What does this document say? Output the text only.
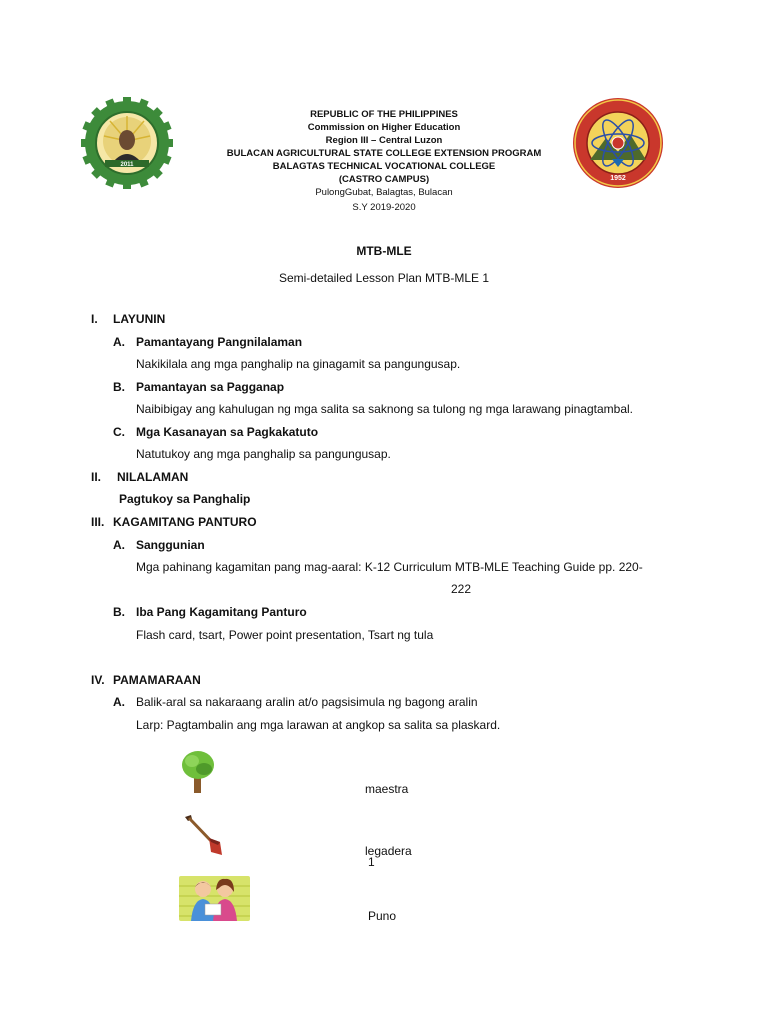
2011
1952
REPUBLIC OF THE PHILIPPINES
Commission on Higher Education
Region III – Central Luzon
BULACAN AGRICULTURAL STATE COLLEGE EXTENSION PROGRAM
BALAGTAS TECHNICAL VOCATIONAL COLLEGE
(CASTRO CAMPUS)
PulongGubat, Balagtas, Bulacan
S.Y 2019-2020
MTB-MLE
Semi-detailed Lesson Plan MTB-MLE 1
I. LAYUNIN
A. Pamantayang Pangnilalaman
Nakikilala ang mga panghalip na ginagamit sa pangungusap.
B. Pamantayan sa Pagganap
Naibibigay ang kahulugan ng mga salita sa saknong sa tulong ng mga larawang pinagtambal.
C. Mga Kasanayan sa Pagkakatuto
Natutukoy ang mga panghalip sa pangungusap.
II. NILALAMAN
Pagtukoy sa Panghalip
III. KAGAMITANG PANTURO
A. Sanggunian
Mga pahinang kagamitan pang mag-aaral: K-12 Curriculum MTB-MLE Teaching Guide pp. 220-
222
B. Iba Pang Kagamitang Panturo
Flash card, tsart, Power point presentation, Tsart ng tula
IV. PAMAMARAAN
A. Balik-aral sa nakaraang aralin at/o pagsisimula ng bagong aralin
Larp: Pagtambalin ang mga larawan at angkop sa salita sa plaskard.
maestra
legadera
Puno
1
